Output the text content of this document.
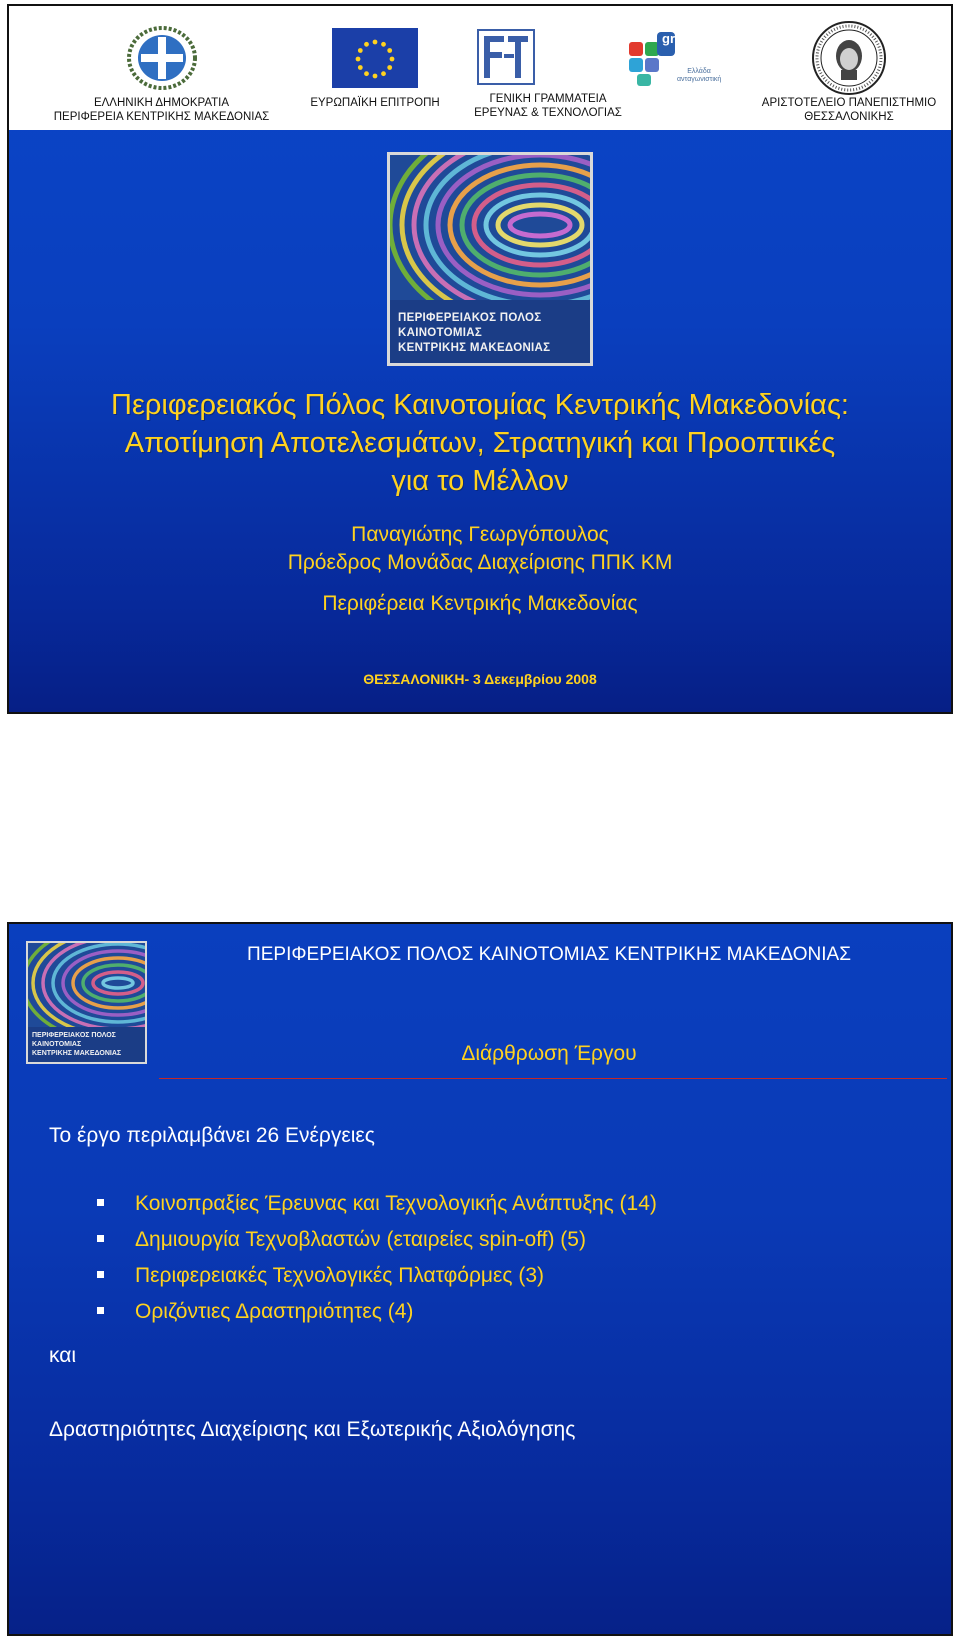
ΕΛΛΗΝΙΚΗ ΔΗΜΟΚΡΑΤΙΑ
ΠΕΡΙΦΕΡΕΙΑ ΚΕΝΤΡΙΚΗΣ ΜΑΚΕΔΟΝΙΑΣ
ΕΥΡΩΠΑΪΚΗ ΕΠΙΤΡΟΠΗ	ΓΕΝΙΚΗ ΓΡΑΜΜΑΤΕΙΑ
ΕΡΕΥΝΑΣ & ΤΕΧΝΟΛΟΓΙΑΣ
gr
Ελλάδα ανταγωνιστική
ΑΡΙΣΤΟΤΕΛΕΙΟ ΠΑΝΕΠΙΣΤΗΜΙΟ
ΘΕΣΣΑΛΟΝΙΚΗΣ
ΠΕΡΙΦΕΡΕΙΑΚΟΣ ΠΟΛΟΣ
ΚΑΙΝΟΤΟΜΙΑΣ
ΚΕΝΤΡΙΚΗΣ ΜΑΚΕΔΟΝΙΑΣ
Περιφερειακός Πόλος Καινοτομίας Κεντρικής Μακεδονίας:
Αποτίμηση Αποτελεσμάτων, Στρατηγική και Προοπτικές
για το Μέλλον
Παναγιώτης Γεωργόπουλος
Πρόεδρος Μονάδας Διαχείρισης ΠΠΚ ΚΜ
Περιφέρεια Κεντρικής Μακεδονίας
ΘΕΣΣΑΛΟΝΙΚΗ- 3 Δεκεμβρίου 2008
ΠΕΡΙΦΕΡΕΙΑΚΟΣ ΠΟΛΟΣ
ΚΑΙΝΟΤΟΜΙΑΣ
ΚΕΝΤΡΙΚΗΣ ΜΑΚΕΔΟΝΙΑΣ
ΠΕΡΙΦΕΡΕΙΑΚΟΣ ΠΟΛΟΣ ΚΑΙΝΟΤΟΜΙΑΣ ΚΕΝΤΡΙΚΗΣ ΜΑΚΕΔΟΝΙΑΣ
Διάρθρωση Έργου
Το έργο περιλαμβάνει 26 Ενέργειες
Κοινοπραξίες Έρευνας και Τεχνολογικής Ανάπτυξης (14)
Δημιουργία Τεχνοβλαστών (εταιρείες spin-off) (5)
Περιφερειακές Τεχνολογικές Πλατφόρμες (3)
Οριζόντιες Δραστηριότητες (4)
και
Δραστηριότητες Διαχείρισης και Εξωτερικής Αξιολόγησης
